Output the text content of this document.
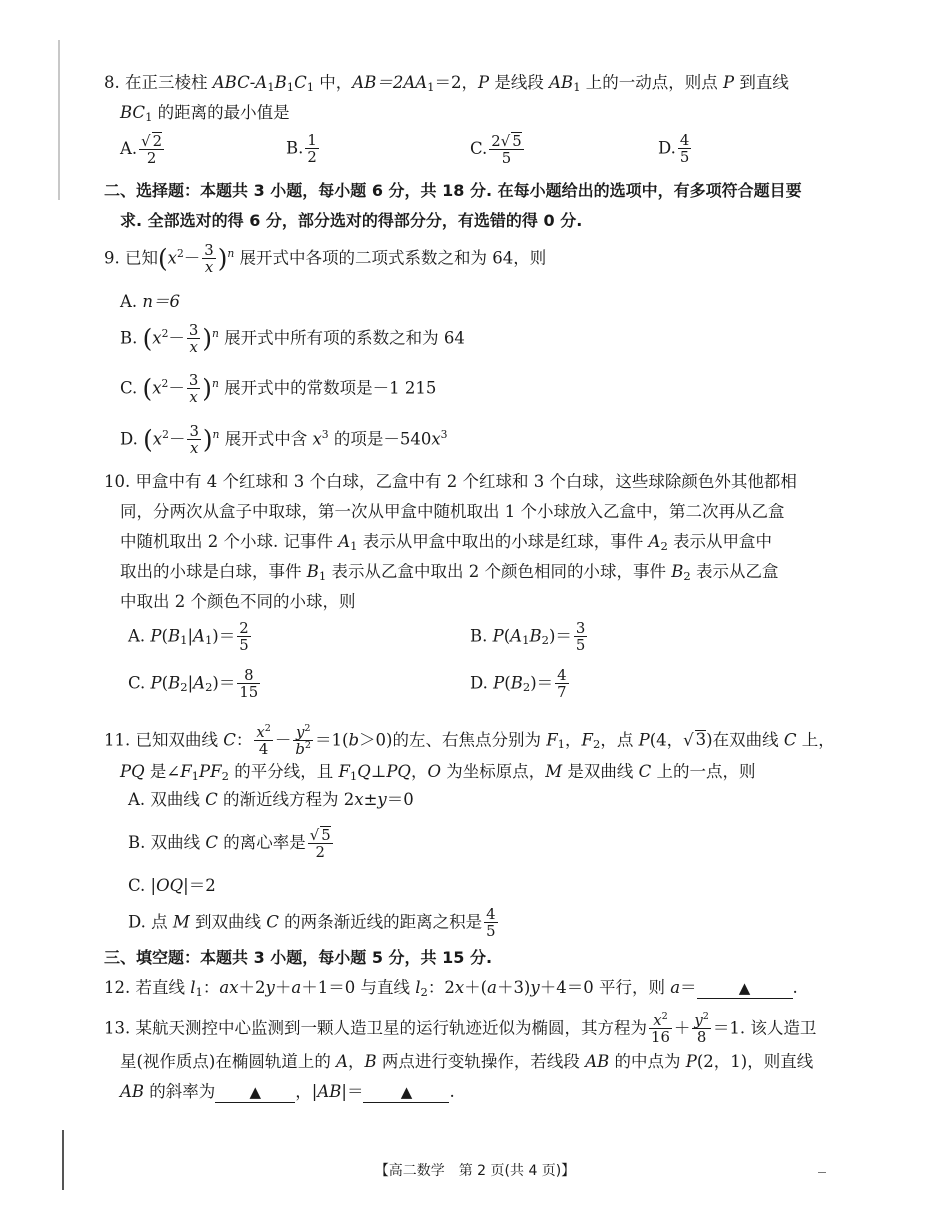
8. 在正三棱柱 ABC-$A_1B_1C_1$ 中，$AB=2AA_1=2$，P 是线段 $AB_1$ 上的一动点，则点 P 到直线
$BC_1$ 的距离的最小值是
A. $\frac{√ 2}{2}$	B. $\frac{1}{2}$	C. $\frac{2√ 5}{5}$	D. $\frac{4}{5}$
二、选择题：本题共 3 小题，每小题 6 分，共 18 分. 在每小题给出的选项中，有多项符合题目要
求. 全部选对的得 6 分，部分选对的得部分分，有选错的得 0 分.
9. 已知$(x^2- \frac{3}{x})^n$ 展开式中各项的二项式系数之和为 64，则
A. n＝6
B. $(x^2- \frac{3}{x})^n$ 展开式中所有项的系数之和为 64
C. $(x^2- \frac{3}{x})^n$ 展开式中的常数项是－1 215
D. $(x^2- \frac{3}{x})^n$ 展开式中含 $x^3$ 的项是$-540x^3$
10. 甲盒中有 4 个红球和 3 个白球，乙盒中有 2 个红球和 3 个白球，这些球除颜色外其他都相
同，分两次从盒子中取球，第一次从甲盒中随机取出 1 个小球放入乙盒中，第二次再从乙盒
中随机取出 2 个小球. 记事件 $A_1$ 表示从甲盒中取出的小球是红球，事件 $A_2$ 表示从甲盒中
取出的小球是白球，事件 $B_1$ 表示从乙盒中取出 2 个颜色相同的小球，事件 $B_2$ 表示从乙盒
中取出 2 个颜色不同的小球，则
A. $P(B_1|A_1)= \frac{2}{5}$	B. $P(A_1B_2)= \frac{3}{5}$
C. $P(B_2|A_2)= \frac{8}{15}$	D. $P(B_2)= \frac{4}{7}$
11. 已知双曲线 C： $\frac{x^2}{4} - \frac{y^2}{b^2} =1(b>0)$的左、右焦点分别为 $F_1$，$F_2$，点 P(4，√ 3)在双曲线 C 上，
PQ 是$\angle F_1PF_2$ 的平分线，且 $F_1Q\perp PQ$，O 为坐标原点，M 是双曲线 C 上的一点，则
A. 双曲线 C 的渐近线方程为 2x±y＝0
B. 双曲线 C 的离心率是 $\frac{√ 5}{2}$
C. |OQ|＝2
D. 点 M 到双曲线 C 的两条渐近线的距离之积是 $\frac{4}{5}$
三、填空题：本题共 3 小题，每小题 5 分，共 15 分.
12. 若直线 $l_1$：ax＋2y＋a＋1＝0 与直线 $l_2$：2x＋(a＋3)y＋4＝0 平行，则 a＝	▲	.
13. 某航天测控中心监测到一颗人造卫星的运行轨迹近似为椭圆，其方程为 $\frac{x^2}{16} + \frac{y^2}{8} =1$. 该人造卫
星(视作质点)在椭圆轨道上的 A，B 两点进行变轨操作，若线段 AB 的中点为 P(2，1)，则直线
AB 的斜率为 ▲ ，|AB|＝ ▲ .
【高二数学　第 2 页(共 4 页)】
